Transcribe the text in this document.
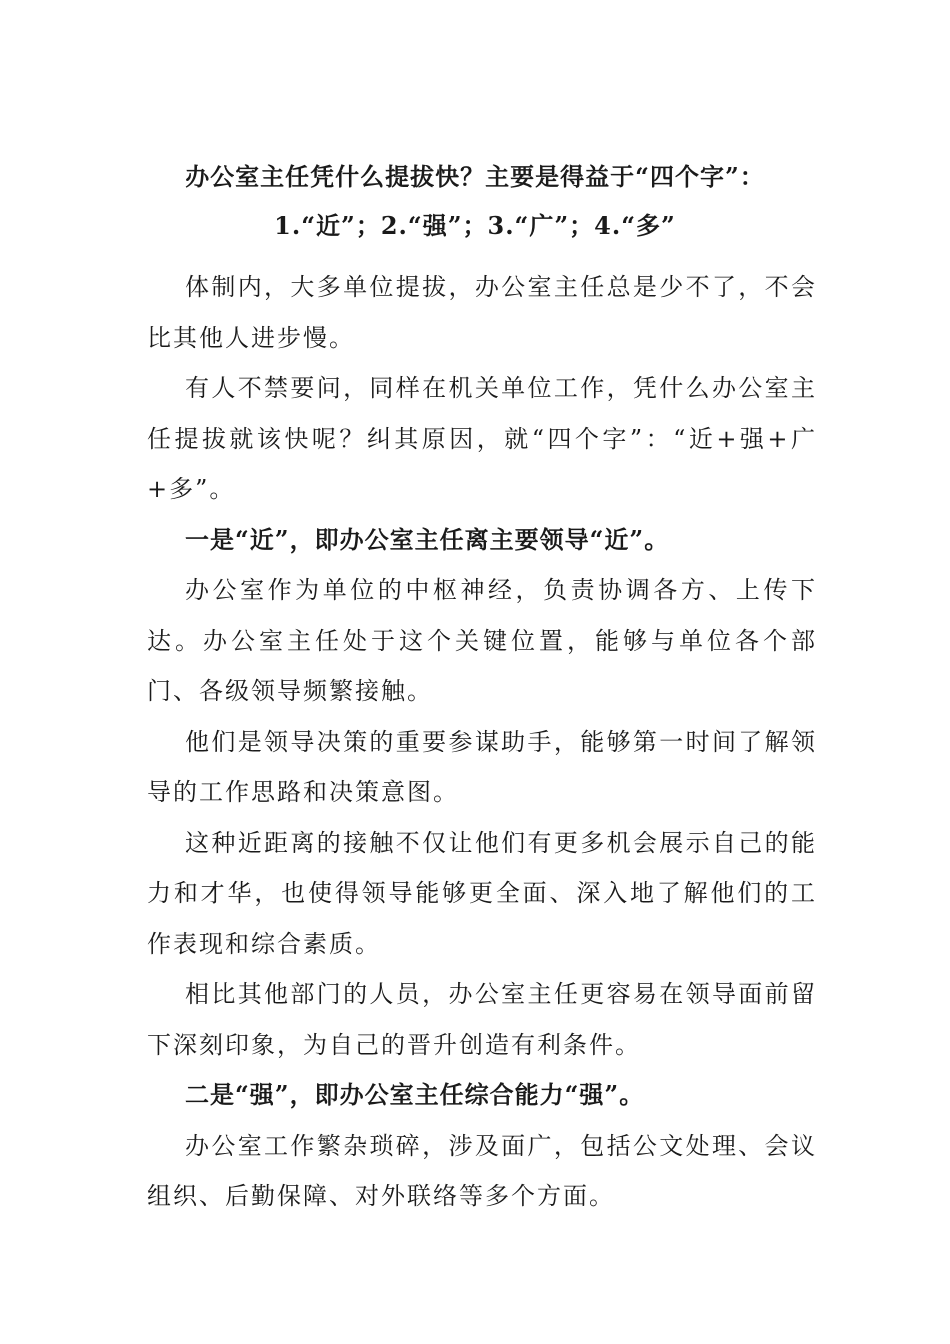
办公室主任凭什么提拔快？主要是得益于“四个字”：
1.“近”；2.“强”；3.“广”；4.“多”

体制内，大多单位提拔，办公室主任总是少不了，不会比其他人进步慢。

有人不禁要问，同样在机关单位工作，凭什么办公室主任提拔就该快呢？纠其原因，就“四个字”：“近+强+广+多”。

一是“近”，即办公室主任离主要领导“近”。

办公室作为单位的中枢神经，负责协调各方、上传下达。办公室主任处于这个关键位置，能够与单位各个部门、各级领导频繁接触。

他们是领导决策的重要参谋助手，能够第一时间了解领导的工作思路和决策意图。

这种近距离的接触不仅让他们有更多机会展示自己的能力和才华，也使得领导能够更全面、深入地了解他们的工作表现和综合素质。

相比其他部门的人员，办公室主任更容易在领导面前留下深刻印象，为自己的晋升创造有利条件。

二是“强”，即办公室主任综合能力“强”。

办公室工作繁杂琐碎，涉及面广，包括公文处理、会议组织、后勤保障、对外联络等多个方面。
